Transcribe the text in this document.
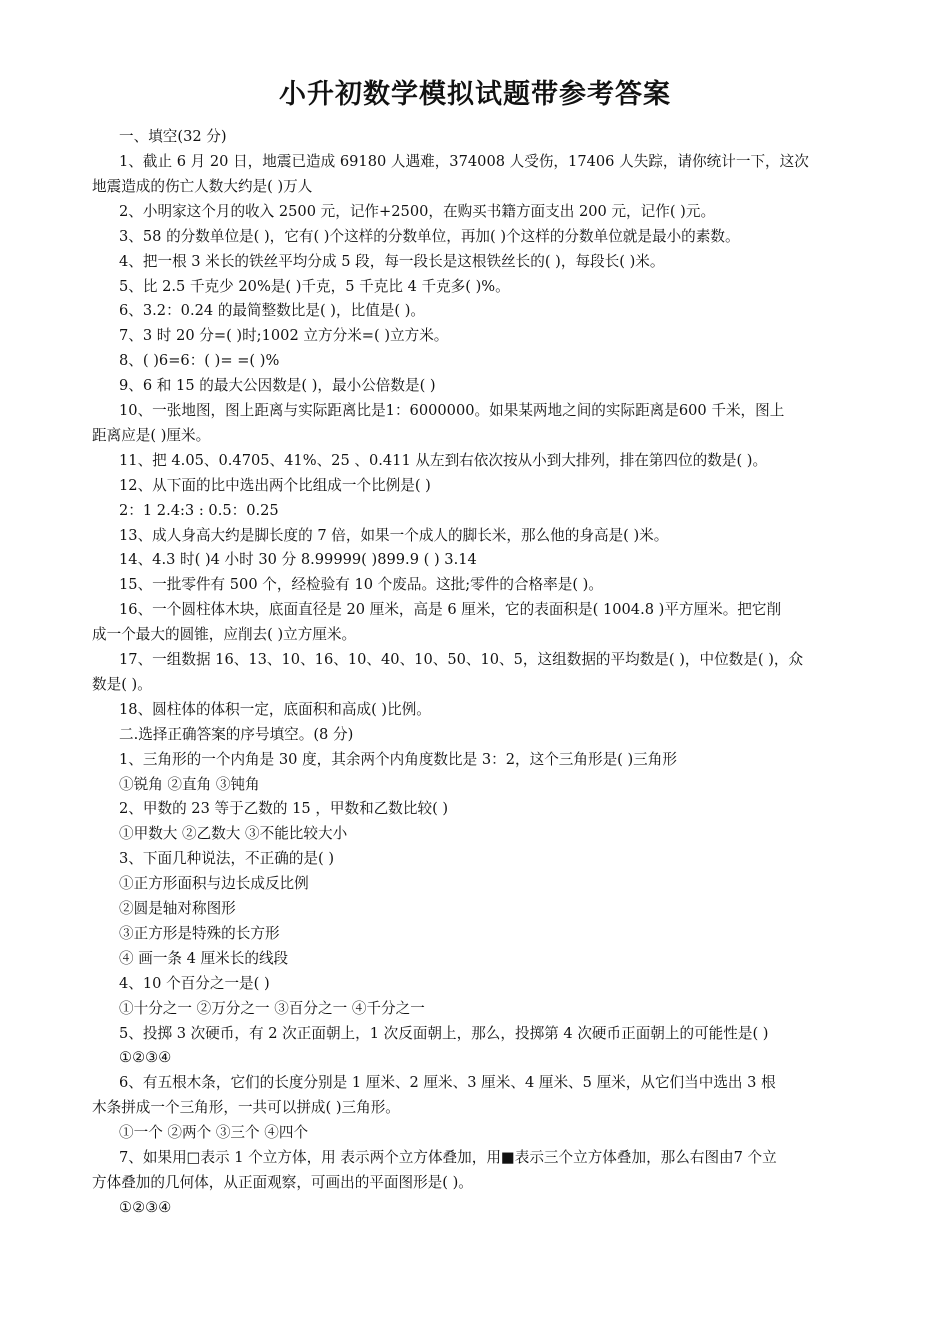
小升初数学模拟试题带参考答案
一、填空(32 分)
1、截止 6 月 20 日，地震已造成 69180 人遇难，374008 人受伤，17406 人失踪，请你统计一下，这次
地震造成的伤亡人数大约是( )万人
2、小明家这个月的收入 2500 元，记作+2500，在购买书籍方面支出 200 元，记作( )元。
3、58 的分数单位是( )，它有( )个这样的分数单位，再加( )个这样的分数单位就是最小的素数。
4、把一根 3 米长的铁丝平均分成 5 段，每一段长是这根铁丝长的( )，每段长( )米。
5、比 2.5 千克少 20%是( )千克，5 千克比 4 千克多( )%。
6、3.2：0.24 的最简整数比是( )，比值是( )。
7、3 时 20 分=( )时;1002 立方分米=( )立方米。
8、( )6=6：( )= =( )%
9、6 和 15 的最大公因数是( )，最小公倍数是( )
10、一张地图，图上距离与实际距离比是1：6000000。如果某两地之间的实际距离是600 千米，图上
距离应是( )厘米。
11、把 4.05、0.4705、41%、25 、0.411 从左到右依次按从小到大排列，排在第四位的数是( )。
12、从下面的比中选出两个比组成一个比例是( )
2：1 2.4:3 : 0.5：0.25
13、成人身高大约是脚长度的 7 倍，如果一个成人的脚长米，那么他的身高是( )米。
14、4.3 时( )4 小时 30 分 8.99999( )899.9 ( ) 3.14
15、一批零件有 500 个，经检验有 10 个废品。这批;零件的合格率是( )。
16、一个圆柱体木块，底面直径是 20 厘米，高是 6 厘米，它的表面积是( 1004.8 )平方厘米。把它削
成一个最大的圆锥，应削去( )立方厘米。
17、一组数据 16、13、10、16、10、40、10、50、10、5，这组数据的平均数是( )，中位数是( )，众
数是( )。
18、圆柱体的体积一定，底面积和高成( )比例。
二.选择正确答案的序号填空。(8 分)
1、三角形的一个内角是 30 度，其余两个内角度数比是 3：2，这个三角形是( )三角形
①锐角 ②直角 ③钝角
2、甲数的 23 等于乙数的 15 ，甲数和乙数比较( )
①甲数大 ②乙数大 ③不能比较大小
3、下面几种说法，不正确的是( )
①正方形面积与边长成反比例
②圆是轴对称图形
③正方形是特殊的长方形
④ 画一条 4 厘米长的线段
4、10 个百分之一是( )
①十分之一 ②万分之一 ③百分之一 ④千分之一
5、投掷 3 次硬币，有 2 次正面朝上，1 次反面朝上，那么，投掷第 4 次硬币正面朝上的可能性是( )
①②③④
6、有五根木条，它们的长度分别是 1 厘米、2 厘米、3 厘米、4 厘米、5 厘米，从它们当中选出 3 根
木条拼成一个三角形，一共可以拼成( )三角形。
①一个 ②两个 ③三个 ④四个
7、如果用□表示 1 个立方体，用 表示两个立方体叠加，用■表示三个立方体叠加，那么右图由7 个立
方体叠加的几何体，从正面观察，可画出的平面图形是( )。
①②③④
